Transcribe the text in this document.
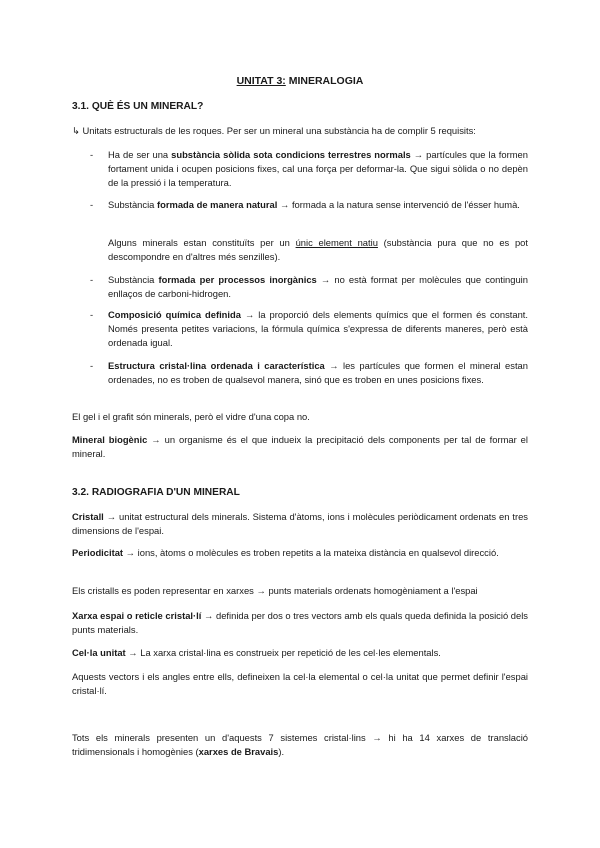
UNITAT 3: MINERALOGIA
3.1. QUÈ ÉS UN MINERAL?
↳ Unitats estructurals de les roques. Per ser un mineral una substància ha de complir 5 requisits:
- Ha de ser una substància sòlida sota condicions terrestres normals → partícules que la formen fortament unida i ocupen posicions fixes, cal una força per deformar-la. Que sigui sòlida o no depèn de la pressió i la temperatura.
- Substància formada de manera natural → formada a la natura sense intervenció de l'ésser humà.
Alguns minerals estan constituïts per un únic element natiu (substància pura que no es pot descompondre en d'altres més senzilles).
- Substància formada per processos inorgànics → no està format per molècules que continguin enllaços de carboni-hidrogen.
- Composició química definida → la proporció dels elements químics que el formen és constant. Només presenta petites variacions, la fórmula química s'expressa de diferents maneres, però està ordenada igual.
- Estructura cristal·lina ordenada i característica → les partícules que formen el mineral estan ordenades, no es troben de qualsevol manera, sinó que es troben en unes posicions fixes.
El gel i el grafit són minerals, però el vidre d'una copa no.
Mineral biogènic → un organisme és el que indueix la precipitació dels components per tal de formar el mineral.
3.2. RADIOGRAFIA D'UN MINERAL
Cristall → unitat estructural dels minerals. Sistema d'àtoms, ions i molècules periòdicament ordenats en tres dimensions de l'espai.
Periodicitat → ions, àtoms o molècules es troben repetits a la mateixa distància en qualsevol direcció.
Els cristalls es poden representar en xarxes → punts materials ordenats homogèniament a l'espai
Xarxa espai o reticle cristal·lí → definida per dos o tres vectors amb els quals queda definida la posició dels punts materials.
Cel·la unitat → La xarxa cristal·lina es construeix per repetició de les cel·les elementals.
Aquests vectors i els angles entre ells, defineixen la cel·la elemental o cel·la unitat que permet definir l'espai cristal·lí.
Tots els minerals presenten un d'aquests 7 sistemes cristal·lins → hi ha 14 xarxes de translació tridimensionals i homogènies (xarxes de Bravais).
